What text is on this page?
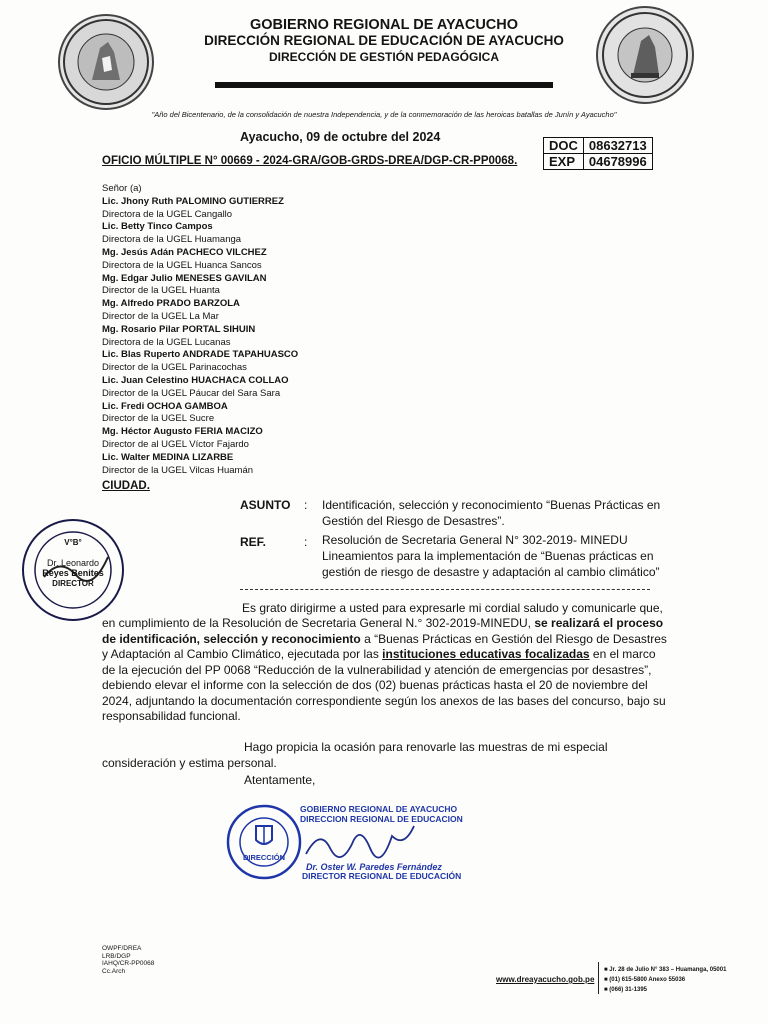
GOBIERNO REGIONAL DE AYACUCHO
DIRECCIÓN REGIONAL DE EDUCACIÓN DE AYACUCHO
DIRECCIÓN DE GESTIÓN PEDAGÓGICA
"Año del Bicentenario, de la consolidación de nuestra Independencia, y de la conmemoración de las heroicas batallas de Junín y Ayacucho"
Ayacucho, 09 de octubre del 2024
DOC	08632713
EXP	04678996
OFICIO MÚLTIPLE N° 00669 - 2024-GRA/GOB-GRDS-DREA/DGP-CR-PP0068.
Señor (a)
Lic. Jhony Ruth PALOMINO GUTIERREZ
Directora de la UGEL Cangallo
Lic. Betty Tinco Campos
Directora de la UGEL Huamanga
Mg. Jesús Adán PACHECO VILCHEZ
Directora de la UGEL Huanca Sancos
Mg. Edgar Julio MENESES GAVILAN
Director de la UGEL Huanta
Mg. Alfredo PRADO BARZOLA
Director de la UGEL La Mar
Mg. Rosario Pilar PORTAL SIHUIN
Directora de la UGEL Lucanas
Lic. Blas Ruperto ANDRADE TAPAHUASCO
Director de la UGEL Parinacochas
Lic. Juan Celestino HUACHACA COLLAO
Director de la UGEL Páucar del Sara Sara
Lic. Fredi OCHOA GAMBOA
Director de la UGEL Sucre
Mg. Héctor Augusto FERIA MACIZO
Director de al UGEL Víctor Fajardo
Lic. Walter MEDINA LIZARBE
Director de la UGEL Vilcas Huamán
CIUDAD.
ASUNTO : Identificación, selección y reconocimiento “Buenas Prácticas en
Gestión del Riesgo de Desastres”.
REF.	: Resolución de Secretaria General N° 302-2019- MINEDU
Lineamientos para la implementación de “Buenas prácticas en
gestión de riesgo de desastre y adaptación al cambio climático”
V°B°
Dr. Leonardo
Reyes Benites
DIRECTOR
Es grato dirigirme a usted para expresarle mi cordial saludo y comunicarle que,
en cumplimiento de la Resolución de Secretaria General N.° 302-2019-MINEDU, se realizará el proceso
de identificación, selección y reconocimiento a “Buenas Prácticas en Gestión del Riesgo de Desastres
y Adaptación al Cambio Climático, ejecutada por las instituciones educativas focalizadas en el marco
de la ejecución del PP 0068 “Reducción de la vulnerabilidad y atención de emergencias por desastres”,
debiendo elevar el informe con la selección de dos (02) buenas prácticas hasta el 20 de noviembre del
2024, adjuntando la documentación correspondiente según los anexos de las bases del concurso, bajo su
responsabilidad funcional.
Hago propicia la ocasión para renovarle las muestras de mi especial
consideración y estima personal.
Atentamente,
DIRECCIÓN
GOBIERNO REGIONAL DE AYACUCHO
DIRECCION REGIONAL DE EDUCACION
Dr. Oster W. Paredes Fernández
DIRECTOR REGIONAL DE EDUCACIÓN
OWPF/DREA
LRB/DGP
IAHQ/CR-PP0068
Cc.Arch
www.dreayacucho.gob.pe
■ Jr. 28 de Julio N° 383 – Huamanga, 05001
■ (01) 615-5800 Anexo 55036
■ (066) 31-1395
